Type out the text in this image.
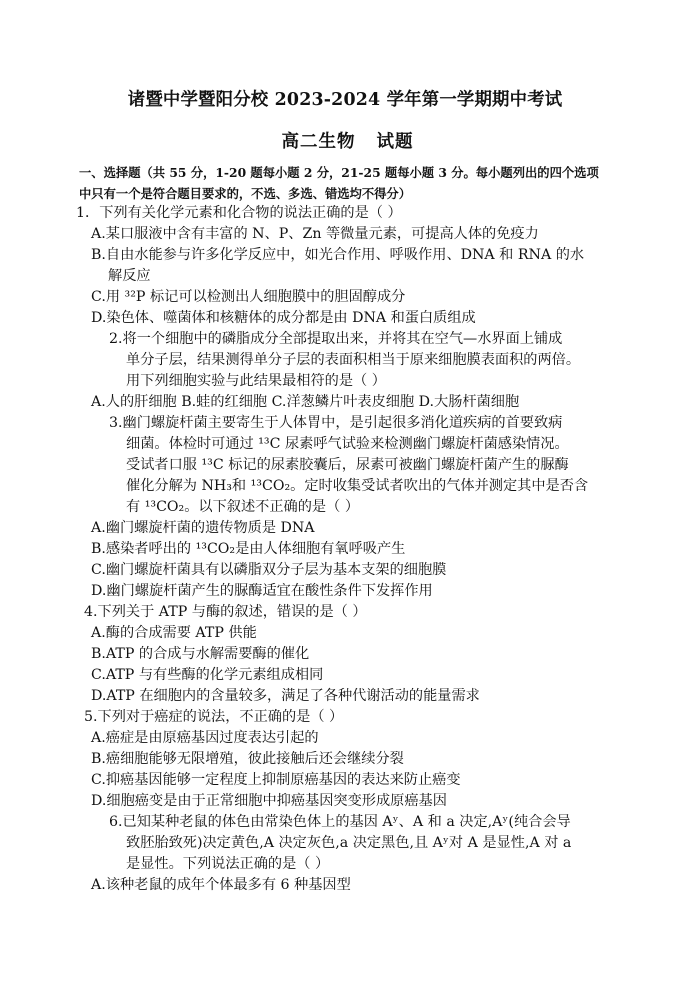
诸暨中学暨阳分校 2023-2024 学年第一学期期中考试
高二生物 试题
一、选择题（共 55 分，1-20 题每小题 2 分，21-25 题每小题 3 分。每小题列出的四个选项
中只有一个是符合题目要求的，不选、多选、错选均不得分）
1．下列有关化学元素和化合物的说法正确的是（ ）
A.某口服液中含有丰富的 N、P、Zn 等微量元素，可提高人体的免疫力
B.自由水能参与许多化学反应中，如光合作用、呼吸作用、DNA 和 RNA 的水
解反应
C.用 ³²P 标记可以检测出人细胞膜中的胆固醇成分
D.染色体、噬菌体和核糖体的成分都是由 DNA 和蛋白质组成
2.将一个细胞中的磷脂成分全部提取出来，并将其在空气—水界面上铺成
单分子层，结果测得单分子层的表面积相当于原来细胞膜表面积的两倍。
用下列细胞实验与此结果最相符的是（ ）
A.人的肝细胞 B.蛙的红细胞 C.洋葱鳞片叶表皮细胞 D.大肠杆菌细胞
3.幽门螺旋杆菌主要寄生于人体胃中，是引起很多消化道疾病的首要致病
细菌。体检时可通过 ¹³C 尿素呼气试验来检测幽门螺旋杆菌感染情况。
受试者口服 ¹³C 标记的尿素胶囊后，尿素可被幽门螺旋杆菌产生的脲酶
催化分解为 NH₃和 ¹³CO₂。定时收集受试者吹出的气体并测定其中是否含
有 ¹³CO₂。以下叙述不正确的是（ ）
A.幽门螺旋杆菌的遗传物质是 DNA
B.感染者呼出的 ¹³CO₂是由人体细胞有氧呼吸产生
C.幽门螺旋杆菌具有以磷脂双分子层为基本支架的细胞膜
D.幽门螺旋杆菌产生的脲酶适宜在酸性条件下发挥作用
4.下列关于 ATP 与酶的叙述，错误的是（ ）
A.酶的合成需要 ATP 供能
B.ATP 的合成与水解需要酶的催化
C.ATP 与有些酶的化学元素组成相同
D.ATP 在细胞内的含量较多，满足了各种代谢活动的能量需求
5.下列对于癌症的说法，不正确的是（ ）
A.癌症是由原癌基因过度表达引起的
B.癌细胞能够无限增殖，彼此接触后还会继续分裂
C.抑癌基因能够一定程度上抑制原癌基因的表达来防止癌变
D.细胞癌变是由于正常细胞中抑癌基因突变形成原癌基因
6.已知某种老鼠的体色由常染色体上的基因 Aʸ、A 和 a 决定,Aʸ(纯合会导
致胚胎致死)决定黄色,A 决定灰色,a 决定黑色,且 Aʸ对 A 是显性,A 对 a
是显性。下列说法正确的是（ ）
A.该种老鼠的成年个体最多有 6 种基因型
